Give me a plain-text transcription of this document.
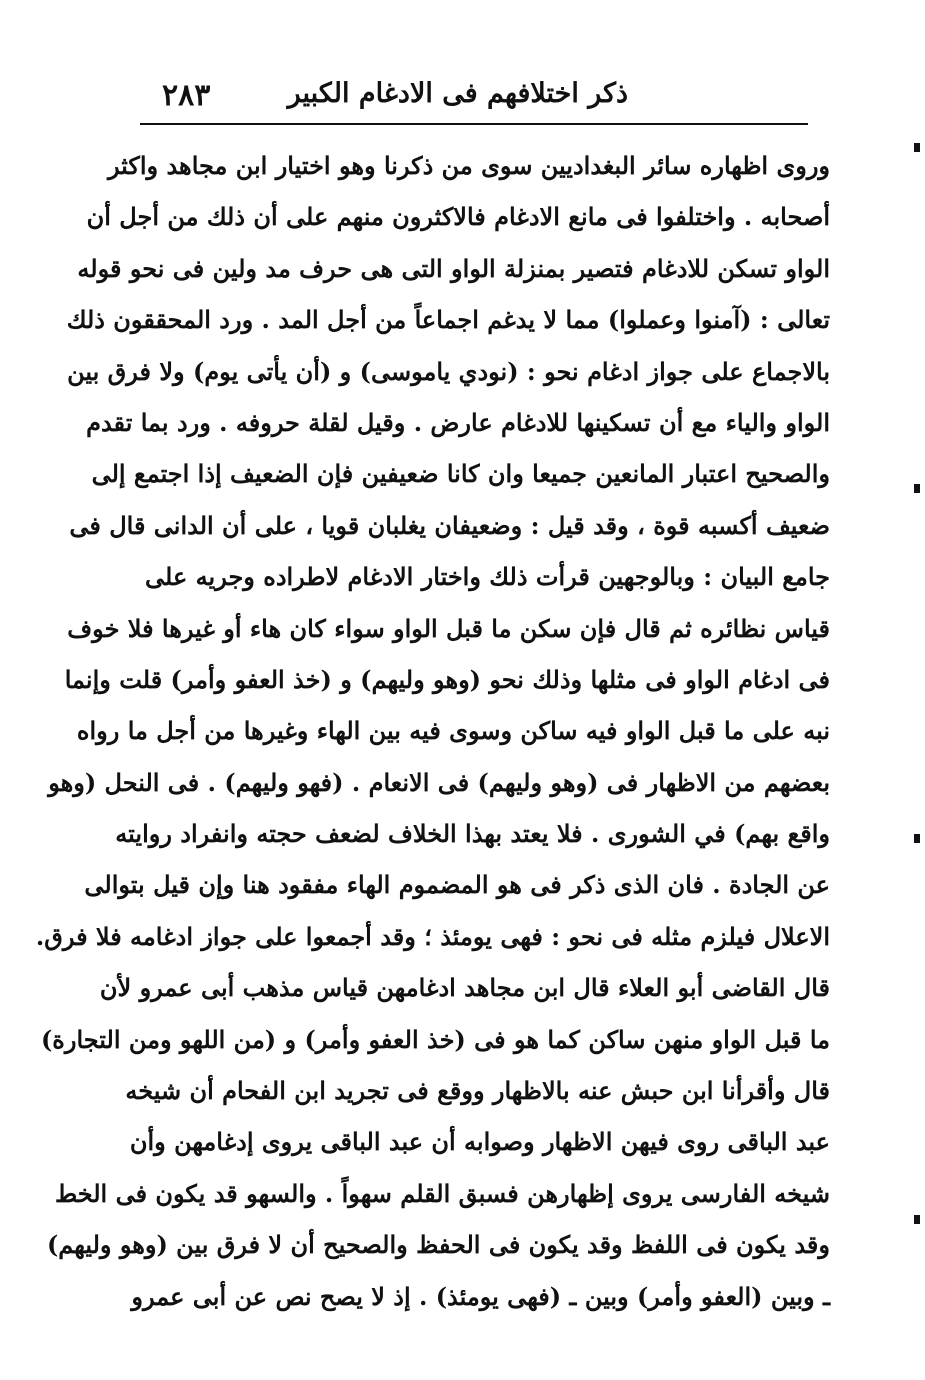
ذكر اختلافهم فى الادغام الكبير
٢٨٣
وروى اظهاره سائر البغداديين سوى من ذكرنا وهو اختيار ابن مجاهد واكثر
أصحابه . واختلفوا فى مانع الادغام فالاكثرون منهم على أن ذلك من أجل أن
الواو تسكن للادغام فتصير بمنزلة الواو التى هى حرف مد ولين فى نحو قوله
تعالى : (آمنوا وعملوا) مما لا يدغم اجماعاً من أجل المد . ورد المحققون ذلك
بالاجماع على جواز ادغام نحو : (نودي ياموسى) و (أن يأتى يوم) ولا فرق بين
الواو والياء مع أن تسكينها للادغام عارض . وقيل لقلة حروفه . ورد بما تقدم
والصحيح اعتبار المانعين جميعا وان كانا ضعيفين فإن الضعيف إذا اجتمع إلى
ضعيف أكسبه قوة ، وقد قيل : وضعيفان يغلبان قويا ، على أن الدانى قال فى
جامع البيان : وبالوجهين قرأت ذلك واختار الادغام لاطراده وجريه على
قياس نظائره ثم قال فإن سكن ما قبل الواو سواء كان هاء أو غيرها فلا خوف
فى ادغام الواو فى مثلها وذلك نحو (وهو وليهم) و (خذ العفو وأمر) قلت وإنما
نبه على ما قبل الواو فيه ساكن وسوى فيه بين الهاء وغيرها من أجل ما رواه
بعضهم من الاظهار فى (وهو وليهم) فى الانعام . (فهو وليهم) . فى النحل (وهو
واقع بهم) في الشورى . فلا يعتد بهذا الخلاف لضعف حجته وانفراد روايته
عن الجادة . فان الذى ذكر فى هو المضموم الهاء مفقود هنا وإن قيل بتوالى
الاعلال فيلزم مثله فى نحو : فهى يومئذ ؛ وقد أجمعوا على جواز ادغامه فلا فرق.
قال القاضى أبو العلاء قال ابن مجاهد ادغامهن قياس مذهب أبى عمرو لأن
ما قبل الواو منهن ساكن كما هو فى (خذ العفو وأمر) و (من اللهو ومن التجارة)
قال وأقرأنا ابن حبش عنه بالاظهار ووقع فى تجريد ابن الفحام أن شيخه
عبد الباقى روى فيهن الاظهار وصوابه أن عبد الباقى يروى إدغامهن وأن
شيخه الفارسى يروى إظهارهن فسبق القلم سهواً . والسهو قد يكون فى الخط
وقد يكون فى اللفظ وقد يكون فى الحفظ والصحيح أن لا فرق بين (وهو وليهم)
ـ وبين (العفو وأمر) وبين ـ (فهى يومئذ) . إذ لا يصح نص عن أبى عمرو
